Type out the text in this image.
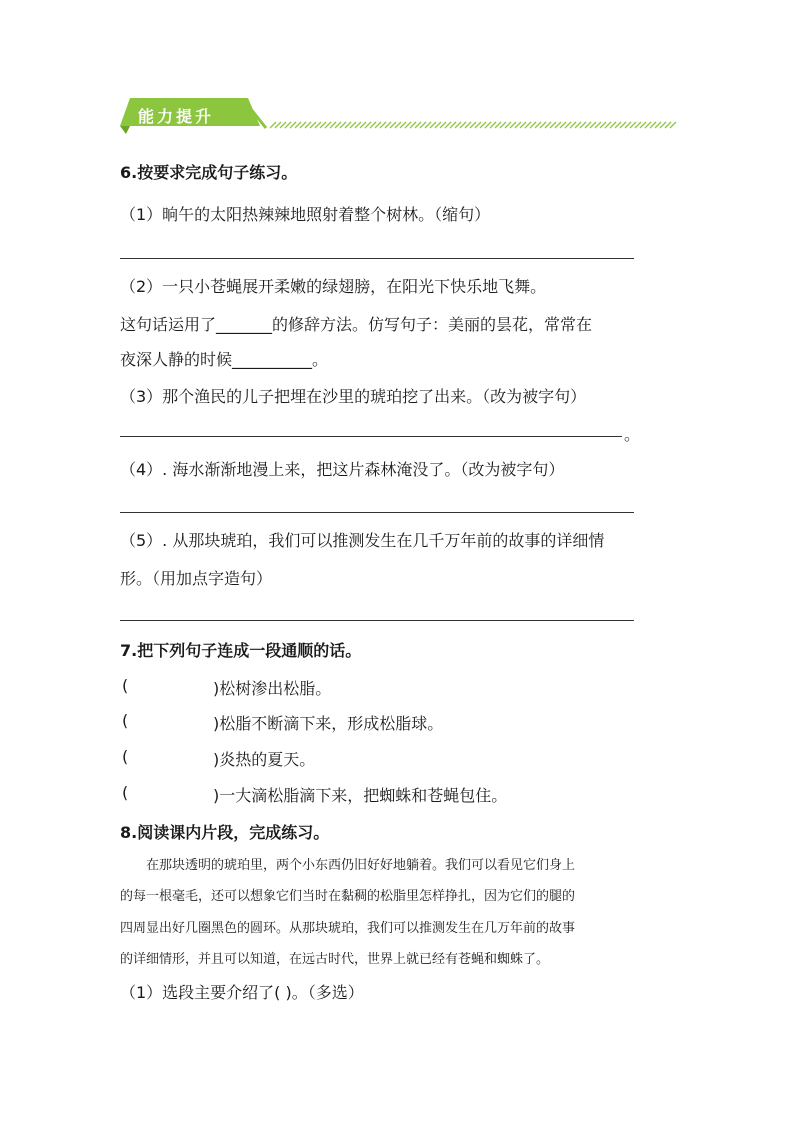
能力提升
6.按要求完成句子练习。
（1）晌午的太阳热辣辣地照射着整个树林。（缩句）
（2）一只小苍蝇展开柔嫩的绿翅膀，在阳光下快乐地飞舞。
这句话运用了_______的修辞方法。仿写句子：美丽的昙花，常常在
夜深人静的时候__________。
（3）那个渔民的儿子把埋在沙里的琥珀挖了出来。（改为被字句）
。
（4）. 海水渐渐地漫上来，把这片森林淹没了。（改为被字句）
（5）. 从那块琥珀，我们可以推测发生在几千万年前的故事的详细情
形。（用加点字造句）
7.把下列句子连成一段通顺的话。
(	)松树渗出松脂。
(	)松脂不断滴下来，形成松脂球。
(	)炎热的夏天。
(	)一大滴松脂滴下来，把蜘蛛和苍蝇包住。
8.阅读课内片段，完成练习。
在那块透明的琥珀里，两个小东西仍旧好好地躺着。我们可以看见它们身上
的每一根毫毛，还可以想象它们当时在黏稠的松脂里怎样挣扎，因为它们的腿的
四周显出好几圈黑色的圆环。从那块琥珀，我们可以推测发生在几万年前的故事
的详细情形，并且可以知道，在远古时代，世界上就已经有苍蝇和蜘蛛了。
（1）选段主要介绍了( )。（多选）
